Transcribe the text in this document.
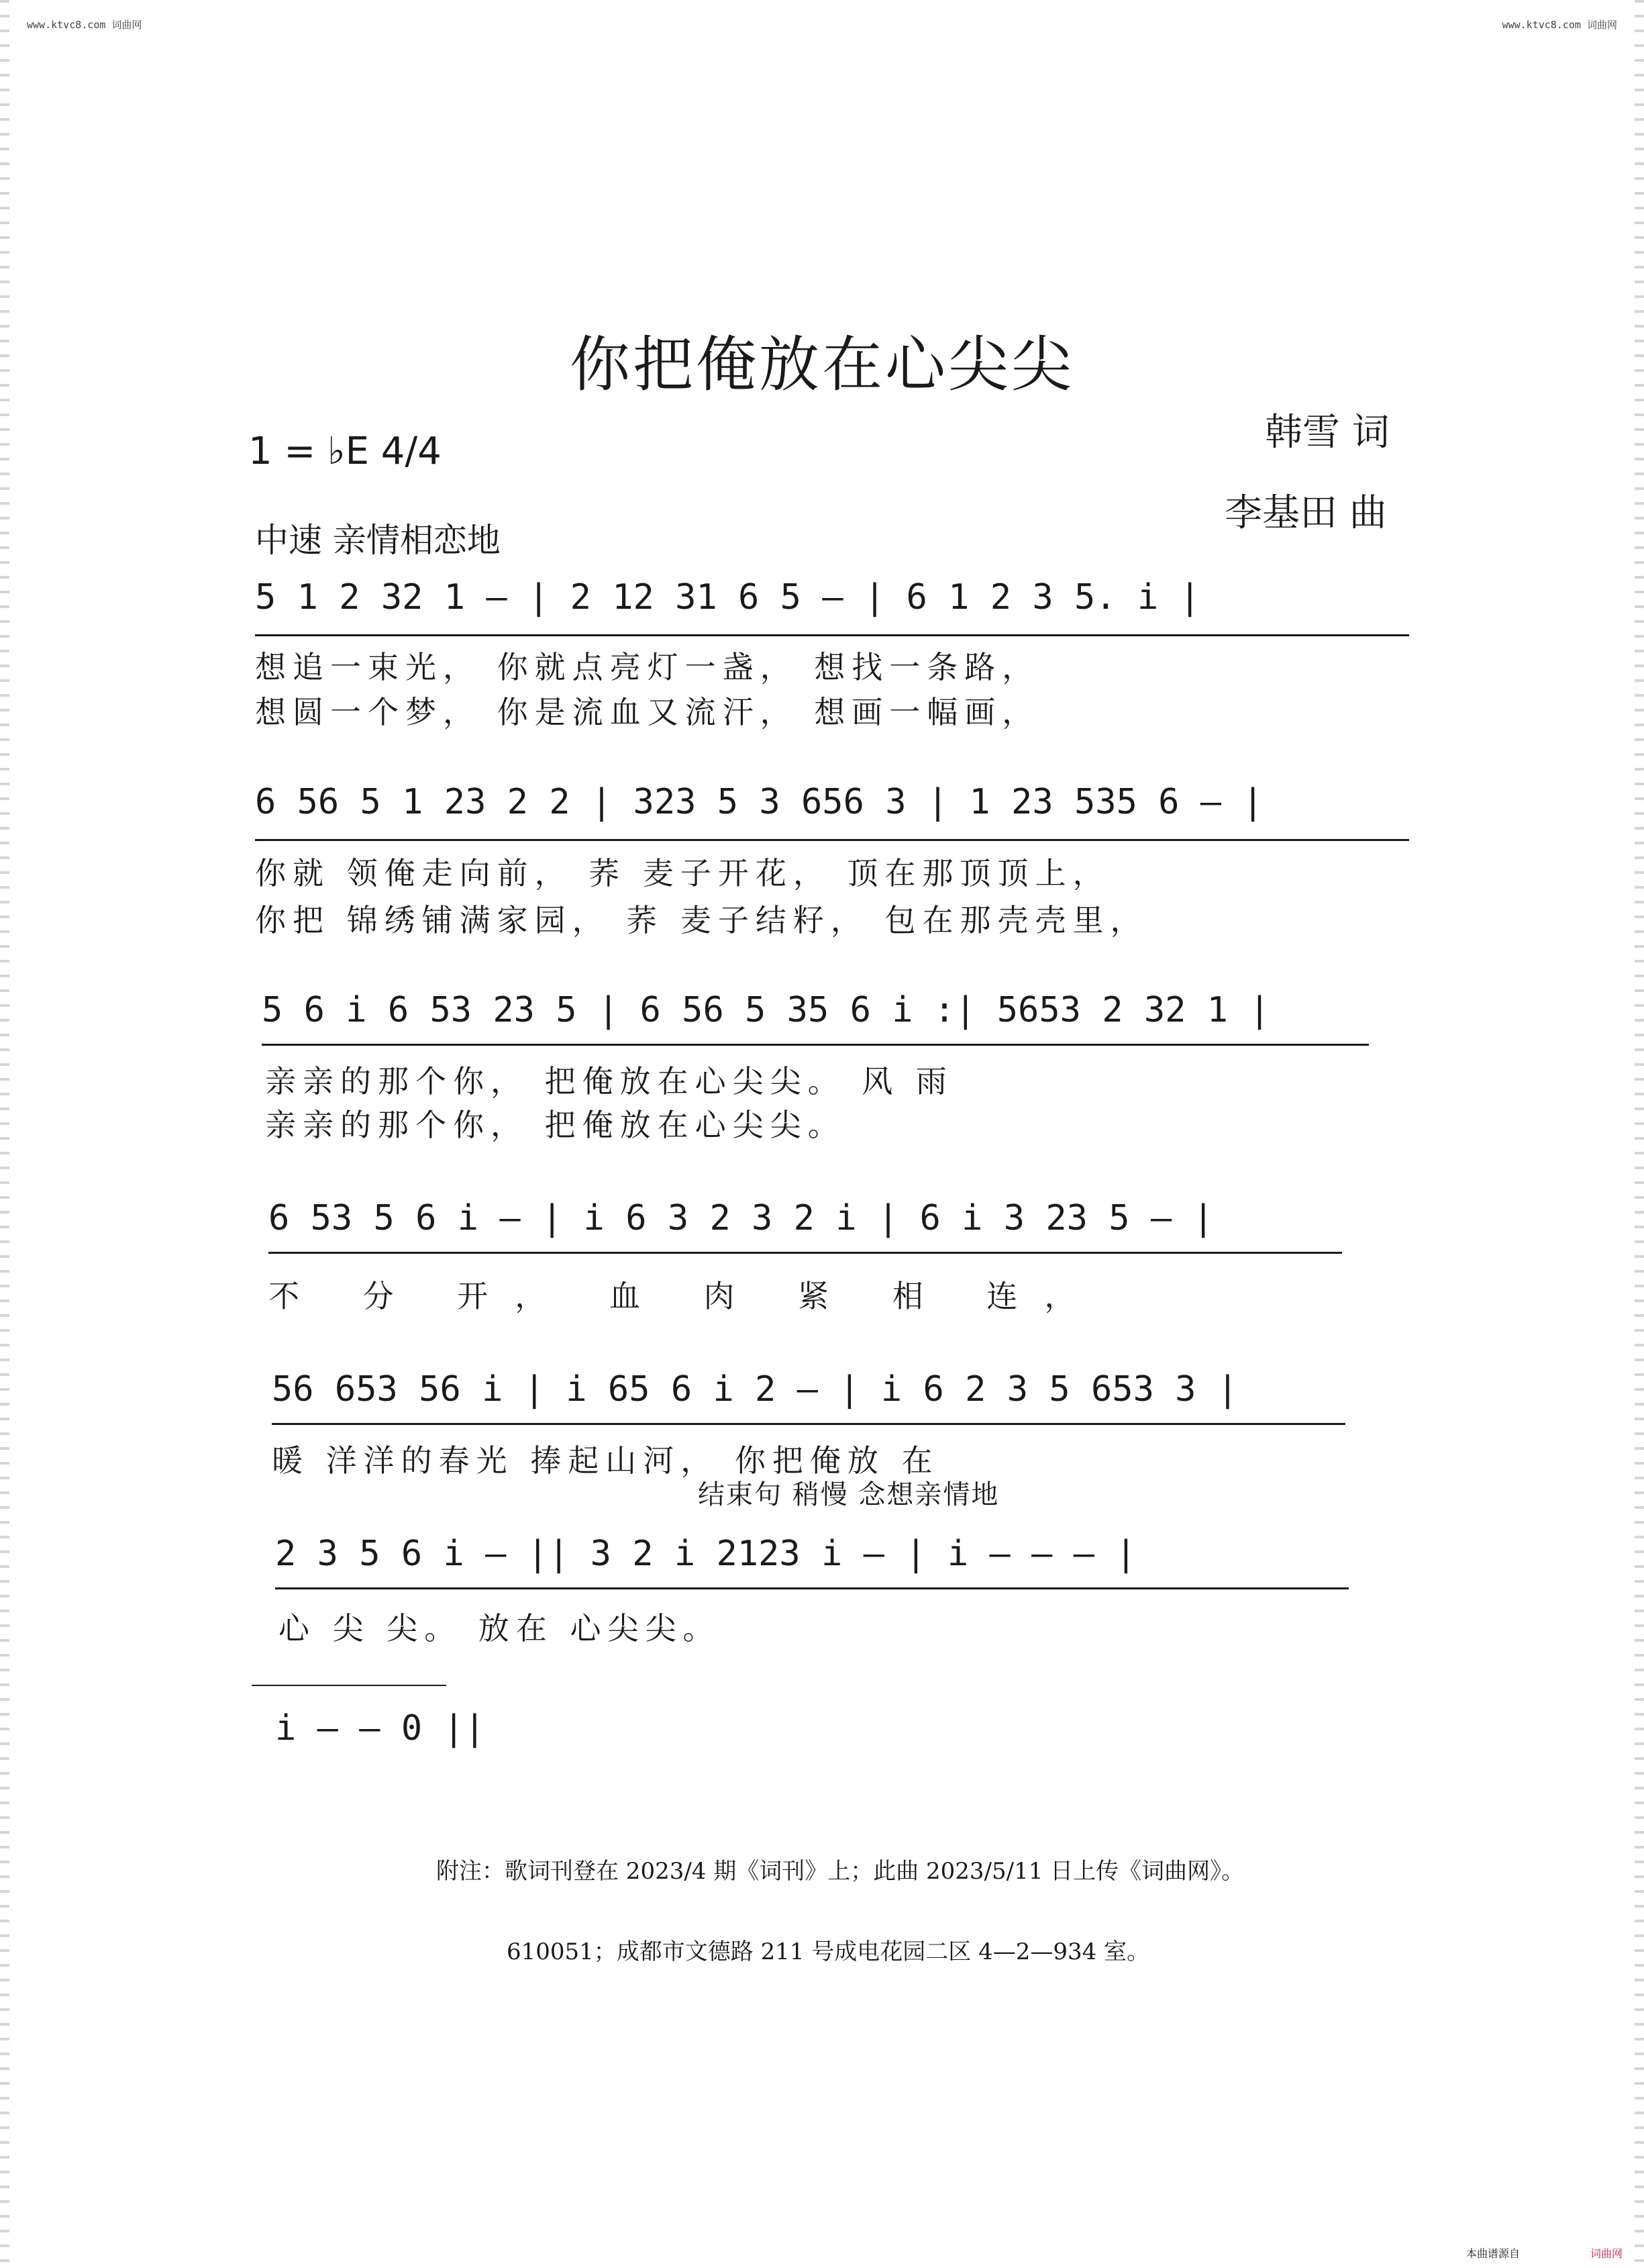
www.ktvc8.com 词曲网	www.ktvc8.com 词曲网
你把俺放在心尖尖
1 = ♭E 4/4
中速 亲情相恋地
韩雪 词
李基田 曲
5 1 2 32 1 — | 2 12 31 6 5 — | 6 1 2 3 5. i |
想追一束光， 你就点亮灯一盏， 想找一条路，
想圆一个梦， 你是流血又流汗， 想画一幅画，
6 56 5 1 23 2 2 | 323 5 3 656 3 | 1 23 535 6 — |
你就 领俺走向前， 荞 麦子开花， 顶在那顶顶上，
你把 锦绣铺满家园， 荞 麦子结籽， 包在那壳壳里，
5 6 i 6 53 23 5 | 6 56 5 35 6 i :| 5653 2 32 1 |
亲亲的那个你， 把俺放在心尖尖。 风 雨
亲亲的那个你， 把俺放在心尖尖。
6 53 5 6 i — | i 6 3 2 3 2 i | 6 i 3 23 5 — |
不 分 开， 血 肉 紧 相 连，
56 653 56 i | i 65 6 i 2 — | i 6 2 3 5 653 3 |
暖 洋洋的春光 捧起山河， 你把俺放 在
结束句 稍慢 念想亲情地
2 3 5 6 i — || 3 2 i 2123 i — | i — — — |
心 尖 尖。 放在 心尖尖。
i — — 0 ||
附注：歌词刊登在 2023/4 期《词刊》上；此曲 2023/5/11 日上传《词曲网》。
610051；成都市文德路 211 号成电花园二区 4—2—934 室。
本曲谱源自	词曲网
